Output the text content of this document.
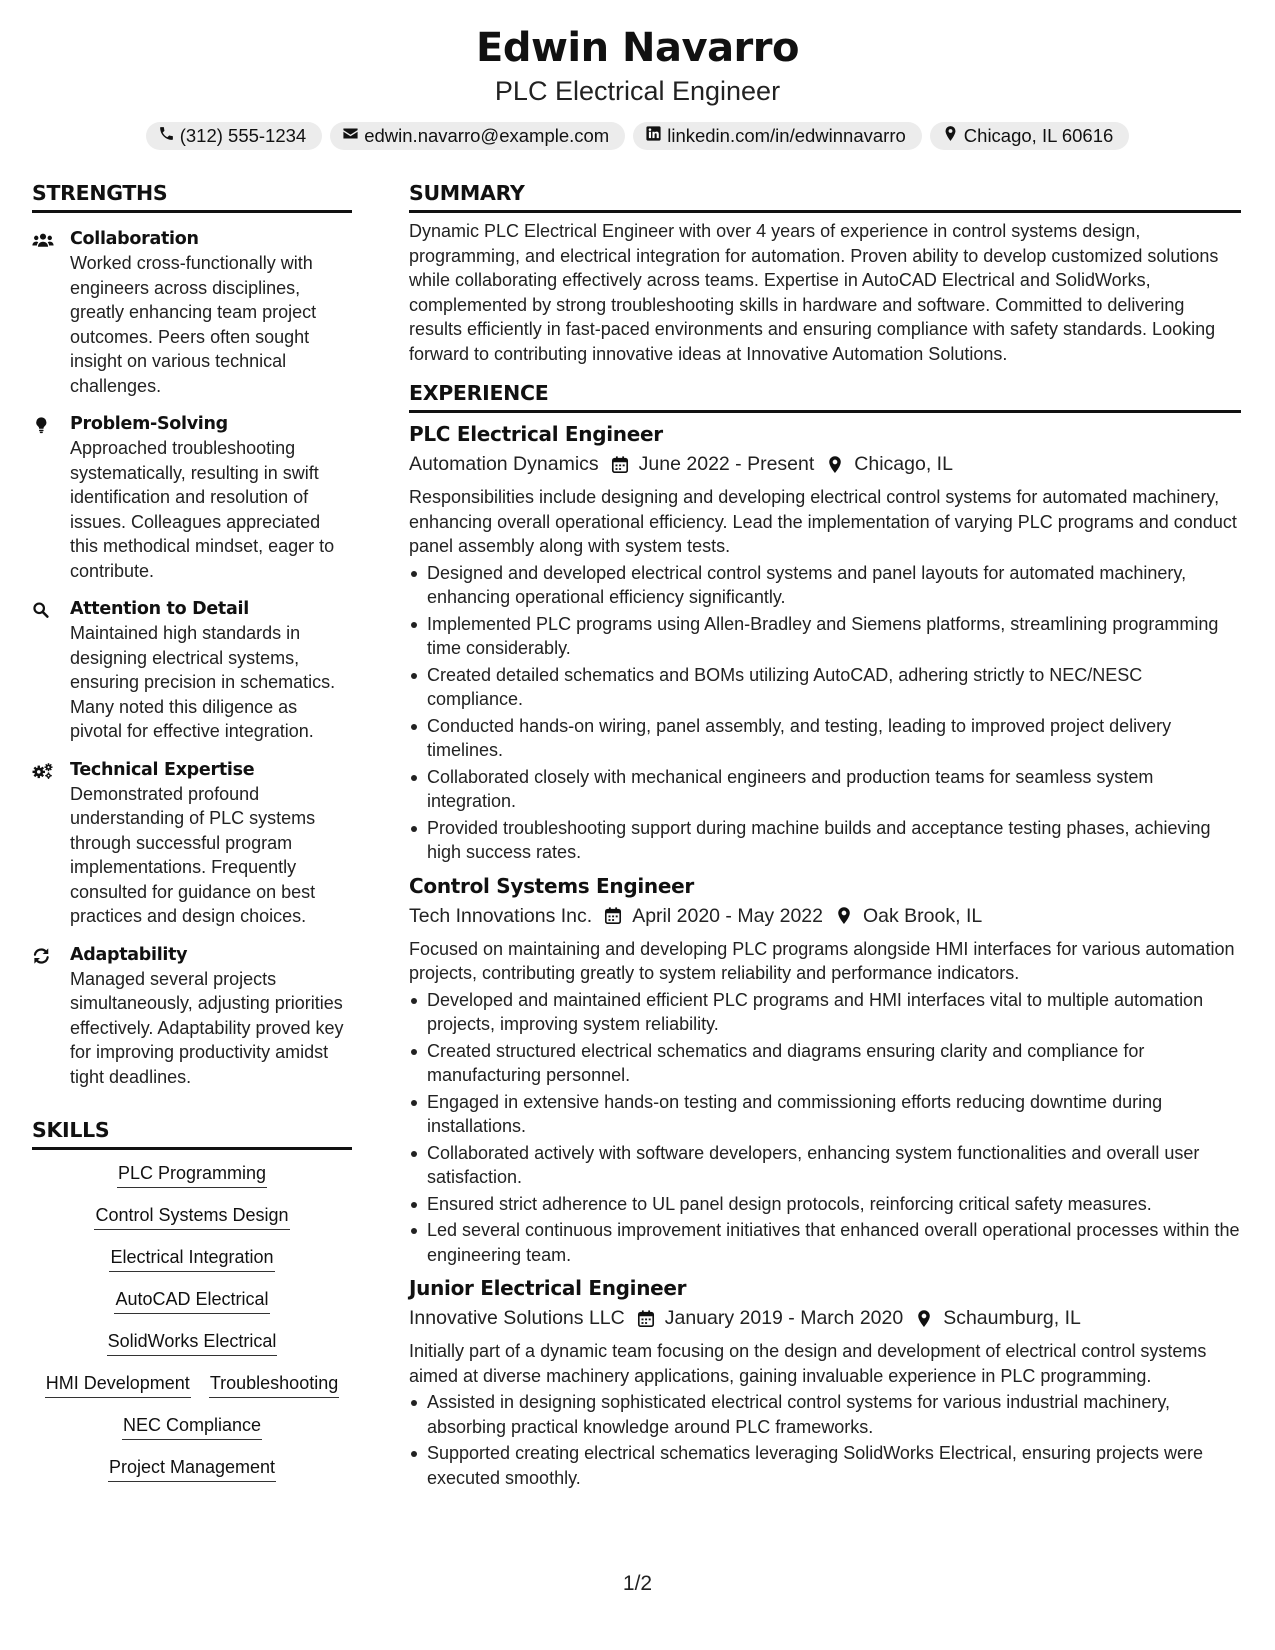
Edwin Navarro
PLC Electrical Engineer
(312) 555-1234	edwin.navarro@example.com	linkedin.com/in/edwinnavarro	Chicago, IL 60616
STRENGTHS
Collaboration
Worked cross-functionally with engineers across disciplines, greatly enhancing team project outcomes. Peers often sought insight on various technical challenges.
Problem-Solving
Approached troubleshooting systematically, resulting in swift identification and resolution of issues. Colleagues appreciated this methodical mindset, eager to contribute.
Attention to Detail
Maintained high standards in designing electrical systems, ensuring precision in schematics. Many noted this diligence as pivotal for effective integration.
Technical Expertise
Demonstrated profound understanding of PLC systems through successful program implementations. Frequently consulted for guidance on best practices and design choices.
Adaptability
Managed several projects simultaneously, adjusting priorities effectively. Adaptability proved key for improving productivity amidst tight deadlines.
SKILLS
PLC Programming
Control Systems Design
Electrical Integration
AutoCAD Electrical
SolidWorks Electrical
HMI Development Troubleshooting
NEC Compliance
Project Management
SUMMARY
Dynamic PLC Electrical Engineer with over 4 years of experience in control systems design, programming, and electrical integration for automation. Proven ability to develop customized solutions while collaborating effectively across teams. Expertise in AutoCAD Electrical and SolidWorks, complemented by strong troubleshooting skills in hardware and software. Committed to delivering results efficiently in fast-paced environments and ensuring compliance with safety standards. Looking forward to contributing innovative ideas at Innovative Automation Solutions.
EXPERIENCE
PLC Electrical Engineer
Automation Dynamics June 2022 - Present Chicago, IL
Responsibilities include designing and developing electrical control systems for automated machinery, enhancing overall operational efficiency. Lead the implementation of varying PLC programs and conduct panel assembly along with system tests.
Designed and developed electrical control systems and panel layouts for automated machinery, enhancing operational efficiency significantly.
Implemented PLC programs using Allen-Bradley and Siemens platforms, streamlining programming time considerably.
Created detailed schematics and BOMs utilizing AutoCAD, adhering strictly to NEC/NESC compliance.
Conducted hands-on wiring, panel assembly, and testing, leading to improved project delivery timelines.
Collaborated closely with mechanical engineers and production teams for seamless system integration.
Provided troubleshooting support during machine builds and acceptance testing phases, achieving high success rates.
Control Systems Engineer
Tech Innovations Inc. April 2020 - May 2022 Oak Brook, IL
Focused on maintaining and developing PLC programs alongside HMI interfaces for various automation projects, contributing greatly to system reliability and performance indicators.
Developed and maintained efficient PLC programs and HMI interfaces vital to multiple automation projects, improving system reliability.
Created structured electrical schematics and diagrams ensuring clarity and compliance for manufacturing personnel.
Engaged in extensive hands-on testing and commissioning efforts reducing downtime during installations.
Collaborated actively with software developers, enhancing system functionalities and overall user satisfaction.
Ensured strict adherence to UL panel design protocols, reinforcing critical safety measures.
Led several continuous improvement initiatives that enhanced overall operational processes within the engineering team.
Junior Electrical Engineer
Innovative Solutions LLC January 2019 - March 2020 Schaumburg, IL
Initially part of a dynamic team focusing on the design and development of electrical control systems aimed at diverse machinery applications, gaining invaluable experience in PLC programming.
Assisted in designing sophisticated electrical control systems for various industrial machinery, absorbing practical knowledge around PLC frameworks.
Supported creating electrical schematics leveraging SolidWorks Electrical, ensuring projects were executed smoothly.
1/2
